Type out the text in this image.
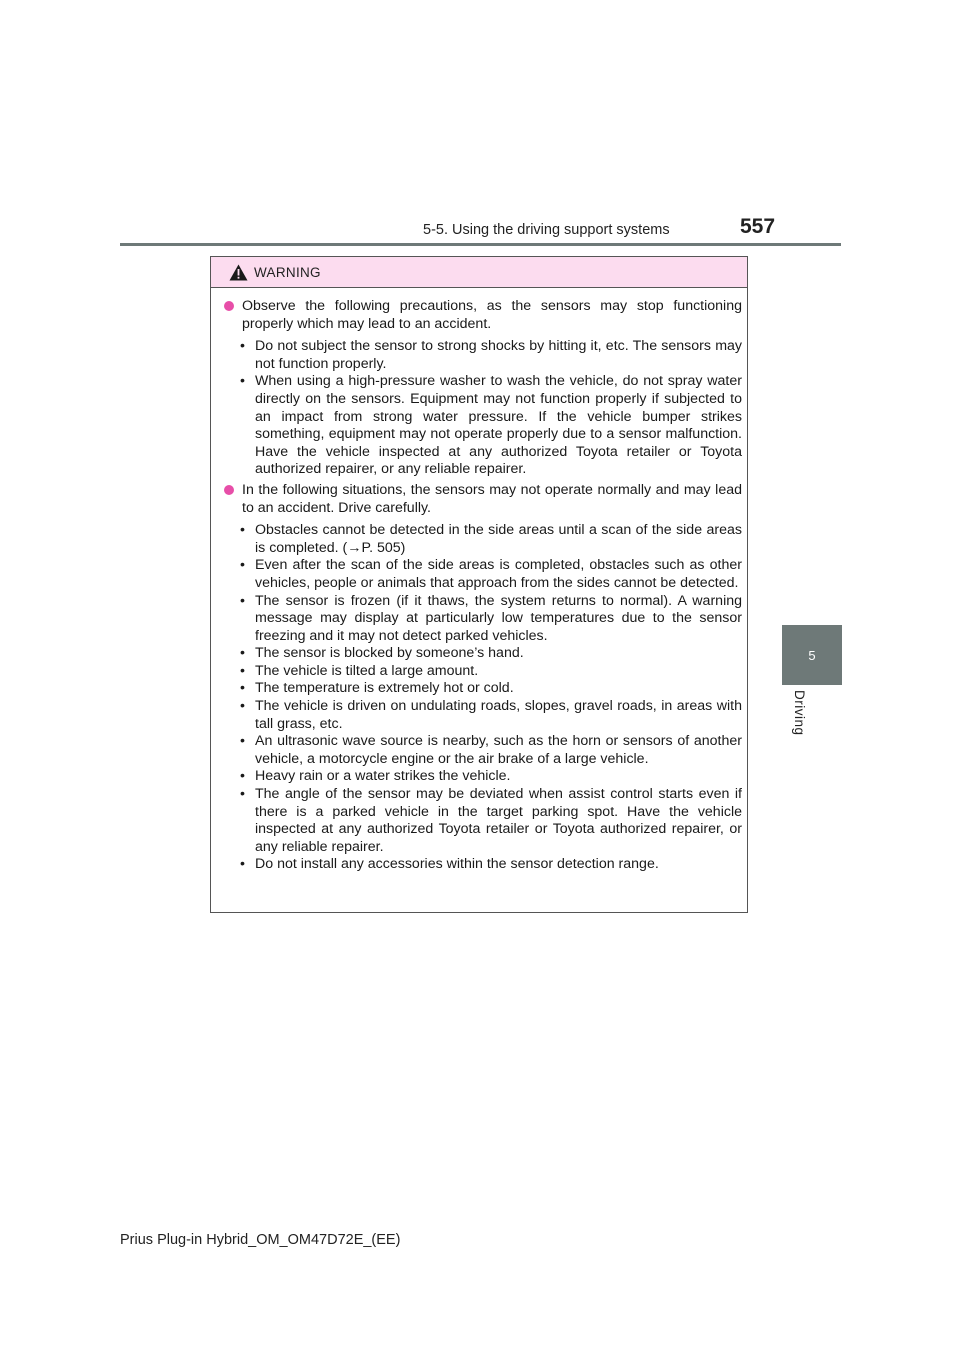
5-5. Using the driving support systems	557
5
Driving
WARNING
Observe the following precautions, as the sensors may stop functioning properly which may lead to an accident.
• Do not subject the sensor to strong shocks by hitting it, etc. The sensors may not function properly.
• When using a high-pressure washer to wash the vehicle, do not spray water directly on the sensors. Equipment may not function properly if subjected to an impact from strong water pressure. If the vehicle bumper strikes something, equipment may not operate properly due to a sensor malfunction. Have the vehicle inspected at any authorized Toyota retailer or Toyota authorized repairer, or any reliable repairer.
In the following situations, the sensors may not operate normally and may lead to an accident. Drive carefully.
• Obstacles cannot be detected in the side areas until a scan of the side areas is completed. (→P. 505)
• Even after the scan of the side areas is completed, obstacles such as other vehicles, people or animals that approach from the sides cannot be detected.
• The sensor is frozen (if it thaws, the system returns to normal). A warning message may display at particularly low temperatures due to the sensor freezing and it may not detect parked vehicles.
• The sensor is blocked by someone’s hand.
• The vehicle is tilted a large amount.
• The temperature is extremely hot or cold.
• The vehicle is driven on undulating roads, slopes, gravel roads, in areas with tall grass, etc.
• An ultrasonic wave source is nearby, such as the horn or sensors of another vehicle, a motorcycle engine or the air brake of a large vehicle.
• Heavy rain or a water strikes the vehicle.
• The angle of the sensor may be deviated when assist control starts even if there is a parked vehicle in the target parking spot. Have the vehicle inspected at any authorized Toyota retailer or Toyota authorized repairer, or any reliable repairer.
• Do not install any accessories within the sensor detection range.
Prius Plug-in Hybrid_OM_OM47D72E_(EE)
